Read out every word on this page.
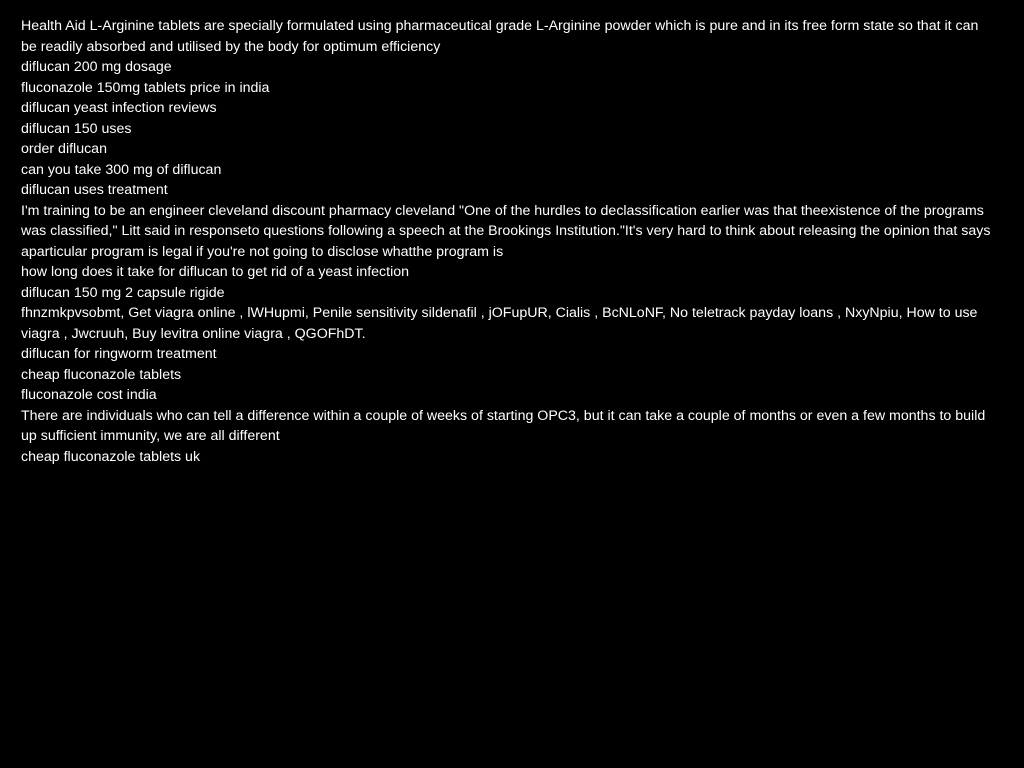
Health Aid L-Arginine tablets are specially formulated using pharmaceutical grade L-Arginine powder which is pure and in its free form state so that it can be readily absorbed and utilised by the body for optimum efficiency

diflucan 200 mg dosage

fluconazole 150mg tablets price in india

diflucan yeast infection reviews

diflucan 150 uses

order diflucan

can you take 300 mg of diflucan

diflucan uses treatment

I'm training to be an engineer cleveland discount pharmacy cleveland "One of the hurdles to declassification earlier was that theexistence of the programs was classified," Litt said in responseto questions following a speech at the Brookings Institution."It's very hard to think about releasing the opinion that says aparticular program is legal if you're not going to disclose whatthe program is

how long does it take for diflucan to get rid of a yeast infection

diflucan 150 mg 2 capsule rigide

fhnzmkpvsobmt, Get viagra online , lWHupmi, Penile sensitivity sildenafil , jOFupUR, Cialis , BcNLoNF, No teletrack payday loans , NxyNpiu, How to use viagra , Jwcruuh, Buy levitra online viagra , QGOFhDT.

diflucan for ringworm treatment

cheap fluconazole tablets

fluconazole cost india

There are individuals who can tell a difference within a couple of weeks of starting OPC3, but it can take a couple of months or even a few months to build up sufficient immunity, we are all different

cheap fluconazole tablets uk
